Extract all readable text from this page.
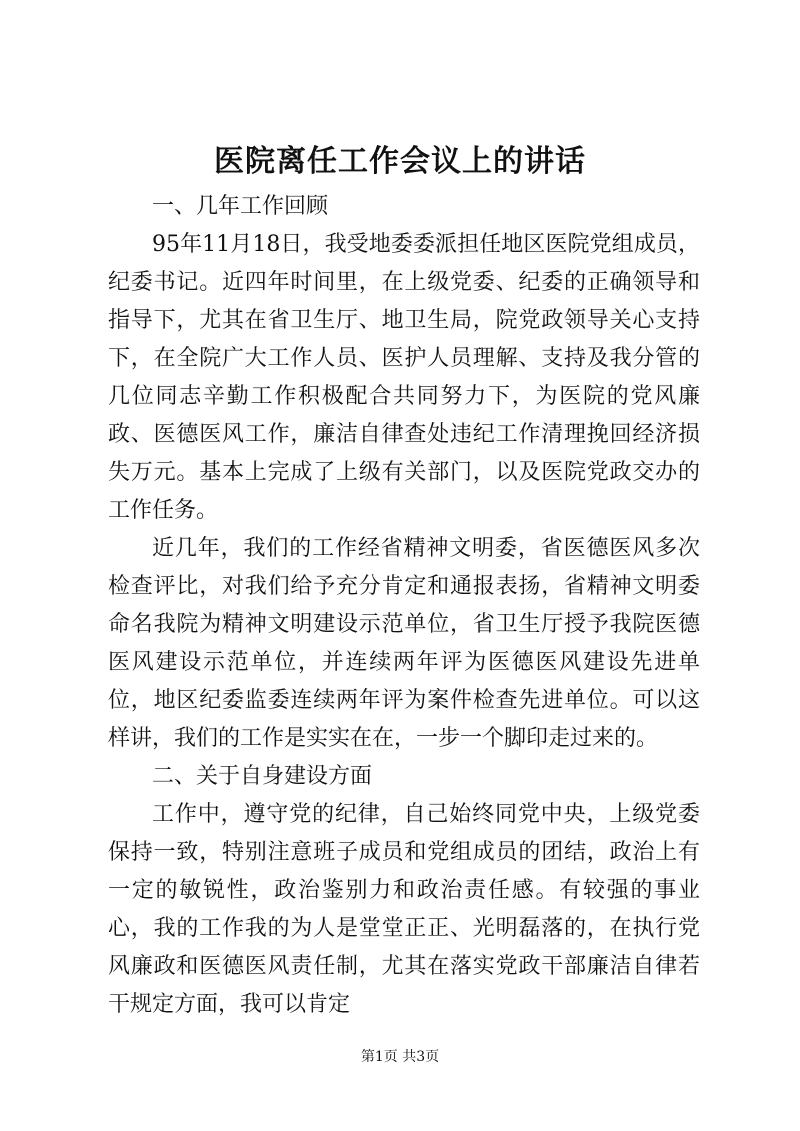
医院离任工作会议上的讲话

一、几年工作回顾

95年11月18日，我受地委委派担任地区医院党组成员，纪委书记。近四年时间里，在上级党委、纪委的正确领导和指导下，尤其在省卫生厅、地卫生局，院党政领导关心支持下，在全院广大工作人员、医护人员理解、支持及我分管的几位同志辛勤工作积极配合共同努力下，为医院的党风廉政、医德医风工作，廉洁自律查处违纪工作清理挽回经济损失万元。基本上完成了上级有关部门，以及医院党政交办的工作任务。

近几年，我们的工作经省精神文明委，省医德医风多次检查评比，对我们给予充分肯定和通报表扬，省精神文明委命名我院为精神文明建设示范单位，省卫生厅授予我院医德医风建设示范单位，并连续两年评为医德医风建设先进单位，地区纪委监委连续两年评为案件检查先进单位。可以这样讲，我们的工作是实实在在，一步一个脚印走过来的。

二、关于自身建设方面

工作中，遵守党的纪律，自己始终同党中央，上级党委保持一致，特别注意班子成员和党组成员的团结，政治上有一定的敏锐性，政治鉴别力和政治责任感。有较强的事业心，我的工作我的为人是堂堂正正、光明磊落的，在执行党风廉政和医德医风责任制，尤其在落实党政干部廉洁自律若干规定方面，我可以肯定

第1页 共3页
